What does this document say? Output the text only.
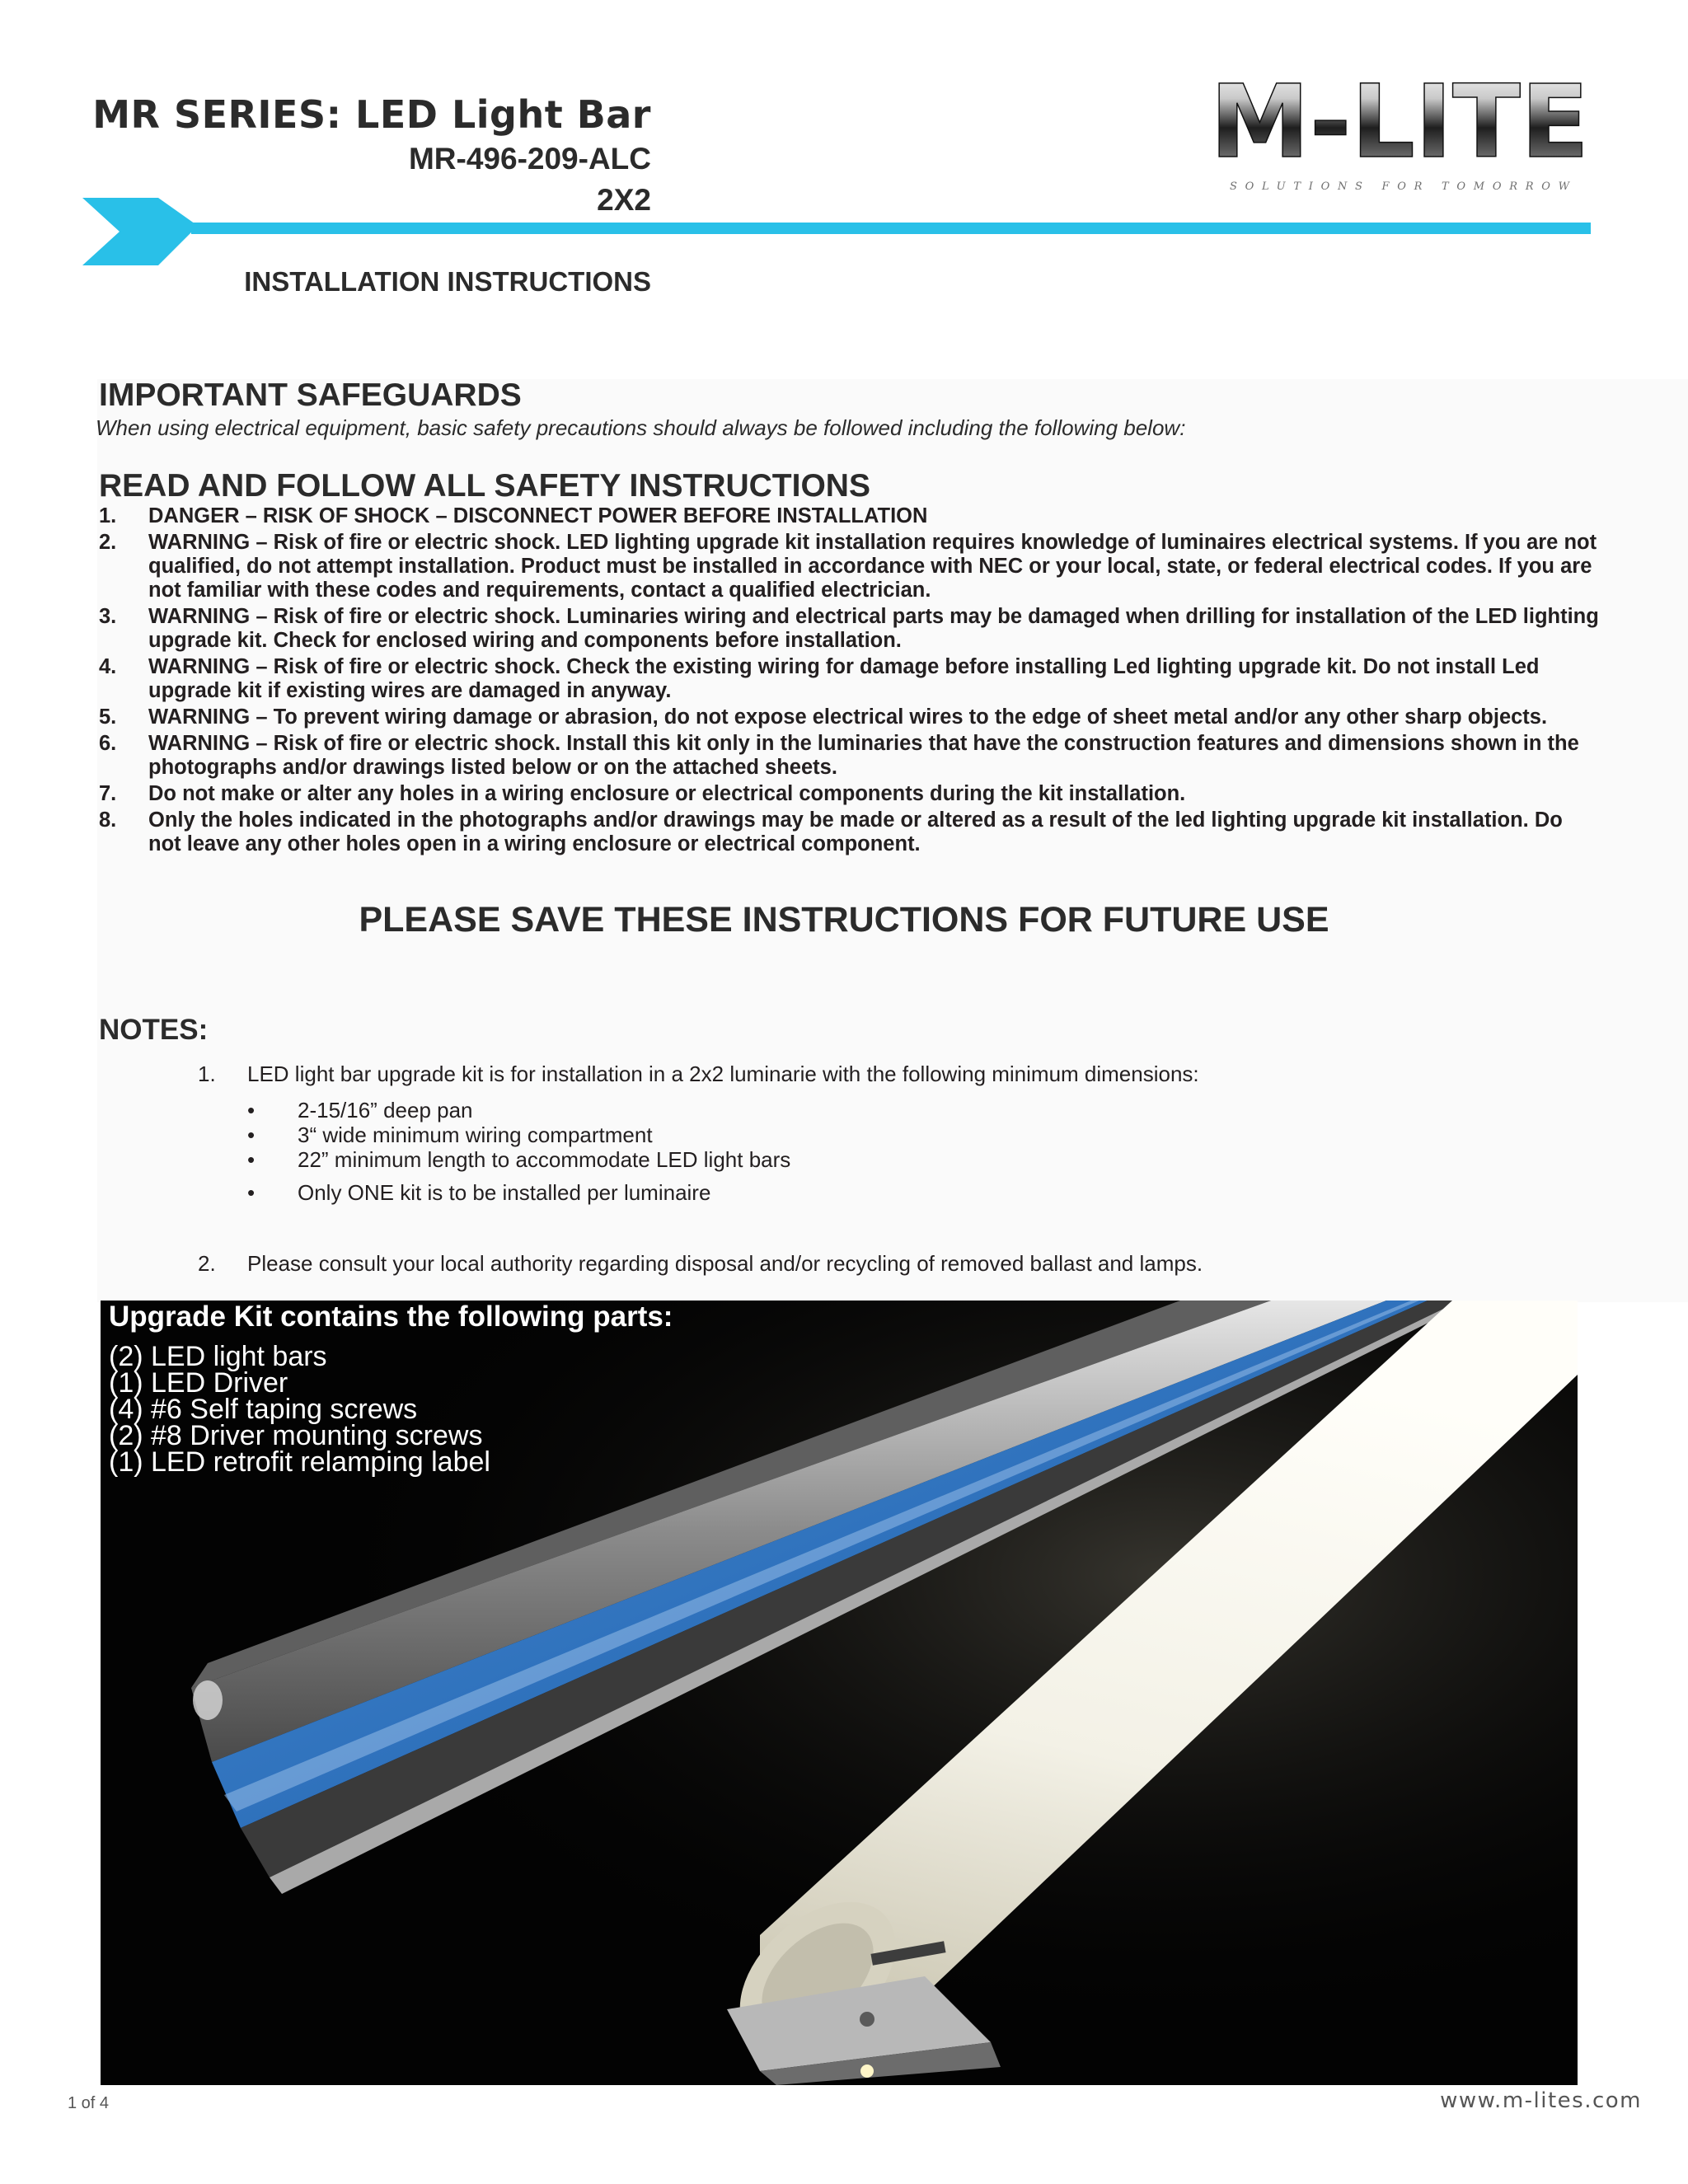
MR SERIES: LED Light Bar
MR-496-209-ALC
2X2
INSTALLATION INSTRUCTIONS
M-LITE
SOLUTIONS FOR TOMORROW
IMPORTANT SAFEGUARDS
When using electrical equipment, basic safety precautions should always be followed including the following below:
READ AND FOLLOW ALL SAFETY INSTRUCTIONS
1. DANGER – RISK OF SHOCK – DISCONNECT POWER BEFORE INSTALLATION
2. WARNING – Risk of fire or electric shock. LED lighting upgrade kit installation requires knowledge of luminaires electrical systems. If you are not qualified, do not attempt installation. Product must be installed in accordance with NEC or your local, state, or federal electrical codes. If you are not familiar with these codes and requirements, contact a qualified electrician.
3. WARNING – Risk of fire or electric shock. Luminaries wiring and electrical parts may be damaged when drilling for installation of the LED lighting upgrade kit. Check for enclosed wiring and components before installation.
4. WARNING – Risk of fire or electric shock. Check the existing wiring for damage before installing Led lighting upgrade kit. Do not install Led upgrade kit if existing wires are damaged in anyway.
5. WARNING – To prevent wiring damage or abrasion, do not expose electrical wires to the edge of sheet metal and/or any other sharp objects.
6. WARNING – Risk of fire or electric shock. Install this kit only in the luminaries that have the construction features and dimensions shown in the photographs and/or drawings listed below or on the attached sheets.
7. Do not make or alter any holes in a wiring enclosure or electrical components during the kit installation.
8. Only the holes indicated in the photographs and/or drawings may be made or altered as a result of the led lighting upgrade kit installation. Do not leave any other holes open in a wiring enclosure or electrical component.
PLEASE SAVE THESE INSTRUCTIONS FOR FUTURE USE
NOTES:
1. LED light bar upgrade kit is for installation in a 2x2 luminarie with the following minimum dimensions:
• 2-15/16” deep pan
• 3“ wide minimum wiring compartment
• 22” minimum length to accommodate LED light bars
• Only ONE kit is to be installed per luminaire
2. Please consult your local authority regarding disposal and/or recycling of removed ballast and lamps.
Upgrade Kit contains the following parts:
(2) LED light bars
(1) LED Driver
(4) #6 Self taping screws
(2) #8 Driver mounting screws
(1) LED retrofit relamping label
1 of 4	www.m-lites.com
